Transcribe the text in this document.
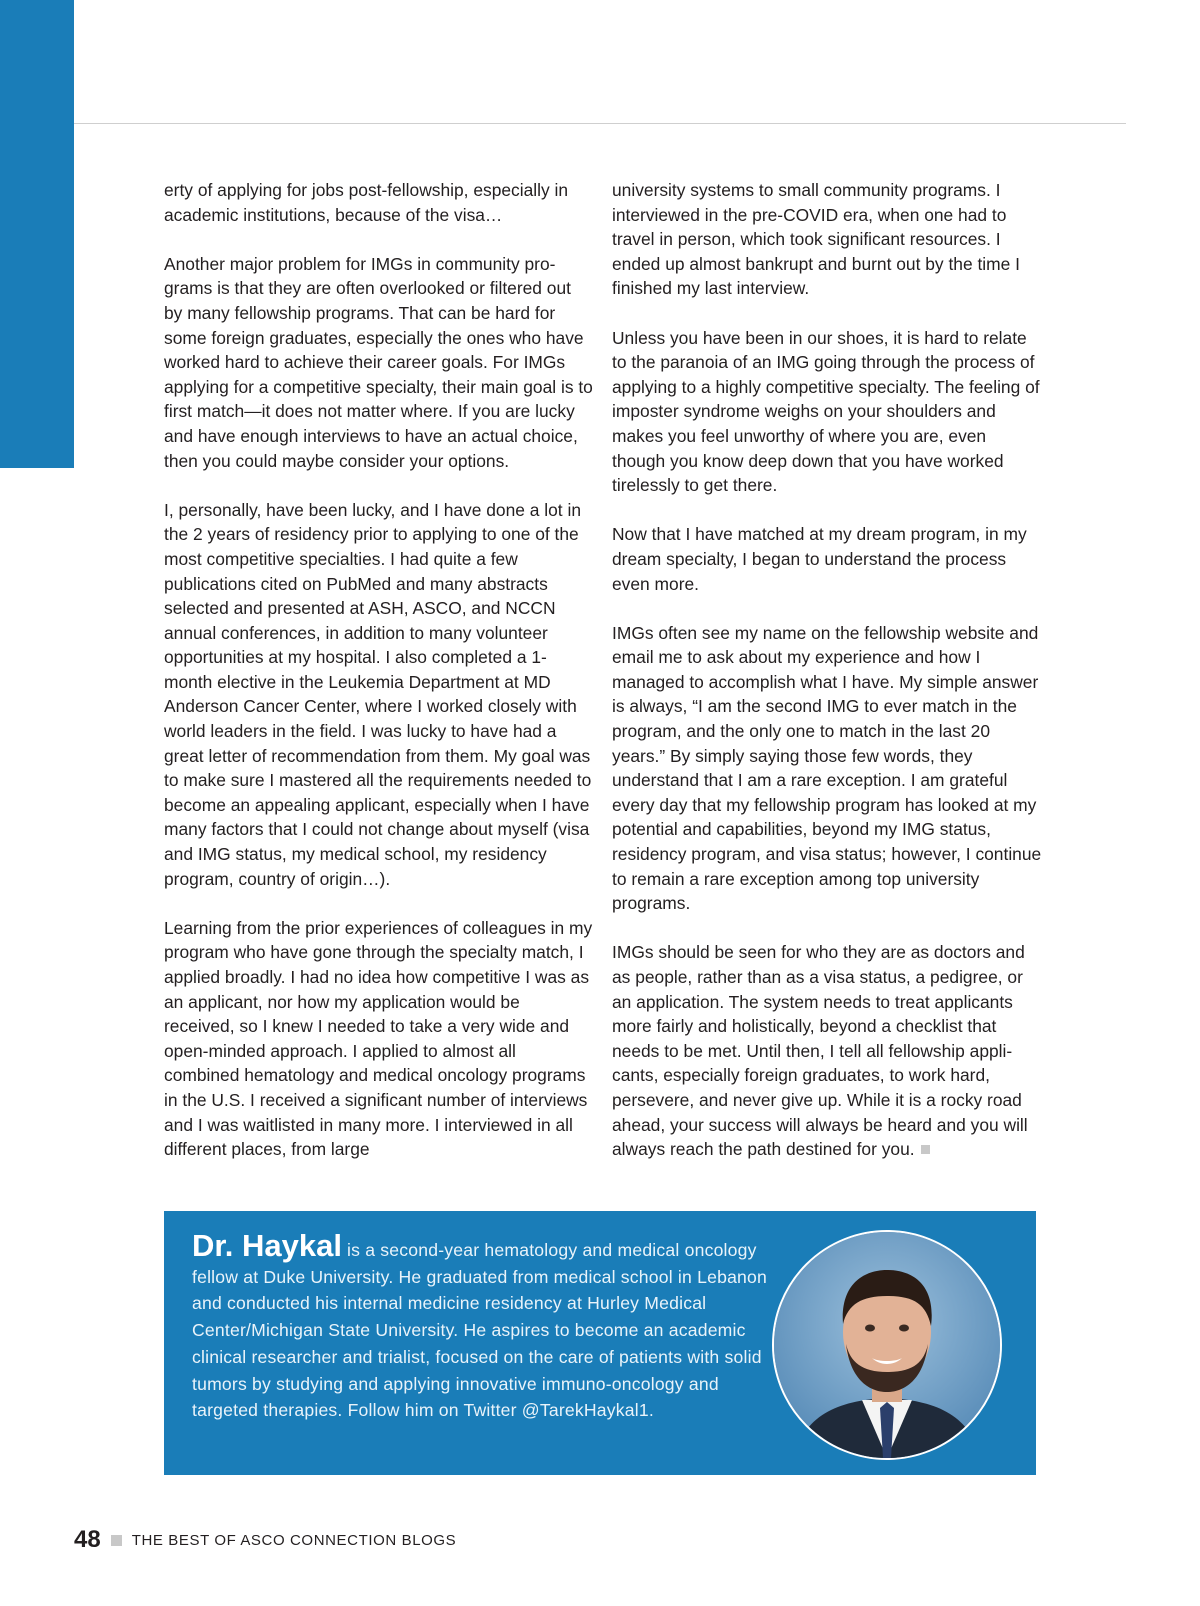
erty of applying for jobs post-fellowship, especially in academic institutions, because of the visa…

Another major problem for IMGs in community programs is that they are often overlooked or filtered out by many fellowship programs. That can be hard for some foreign graduates, especially the ones who have worked hard to achieve their career goals. For IMGs applying for a competitive specialty, their main goal is to first match—it does not matter where. If you are lucky and have enough interviews to have an actual choice, then you could maybe consider your options.

I, personally, have been lucky, and I have done a lot in the 2 years of residency prior to applying to one of the most competitive specialties. I had quite a few publications cited on PubMed and many abstracts selected and presented at ASH, ASCO, and NCCN annual conferences, in addition to many volunteer opportunities at my hospital. I also completed a 1-month elective in the Leukemia Department at MD Anderson Cancer Center, where I worked closely with world leaders in the field. I was lucky to have had a great letter of recommendation from them. My goal was to make sure I mastered all the requirements needed to become an appealing applicant, especially when I have many factors that I could not change about myself (visa and IMG status, my medical school, my residency program, country of origin…).

Learning from the prior experiences of colleagues in my program who have gone through the specialty match, I applied broadly. I had no idea how competitive I was as an applicant, nor how my application would be received, so I knew I needed to take a very wide and open-minded approach. I applied to almost all combined hematology and medical oncology programs in the U.S. I received a significant number of interviews and I was waitlisted in many more. I interviewed in all different places, from large

university systems to small community programs. I interviewed in the pre-COVID era, when one had to travel in person, which took significant resources. I ended up almost bankrupt and burnt out by the time I finished my last interview.

Unless you have been in our shoes, it is hard to relate to the paranoia of an IMG going through the process of applying to a highly competitive specialty. The feeling of imposter syndrome weighs on your shoulders and makes you feel unworthy of where you are, even though you know deep down that you have worked tirelessly to get there.

Now that I have matched at my dream program, in my dream specialty, I began to understand the process even more.

IMGs often see my name on the fellowship website and email me to ask about my experience and how I managed to accomplish what I have. My simple answer is always, “I am the second IMG to ever match in the program, and the only one to match in the last 20 years.” By simply saying those few words, they understand that I am a rare exception. I am grateful every day that my fellowship program has looked at my potential and capabilities, beyond my IMG status, residency program, and visa status; however, I continue to remain a rare exception among top university programs.

IMGs should be seen for who they are as doctors and as people, rather than as a visa status, a pedigree, or an application. The system needs to treat applicants more fairly and holistically, beyond a checklist that needs to be met. Until then, I tell all fellowship applicants, especially foreign graduates, to work hard, persevere, and never give up. While it is a rocky road ahead, your success will always be heard and you will always reach the path destined for you.

Dr. Haykal is a second-year hematology and medical oncology fellow at Duke University. He graduated from medical school in Lebanon and conducted his internal medicine residency at Hurley Medical Center/Michigan State University. He aspires to become an academic clinical researcher and trialist, focused on the care of patients with solid tumors by studying and applying innovative immuno-oncology and targeted therapies. Follow him on Twitter @TarekHaykal1.
48 THE BEST OF ASCO CONNECTION BLOGS
